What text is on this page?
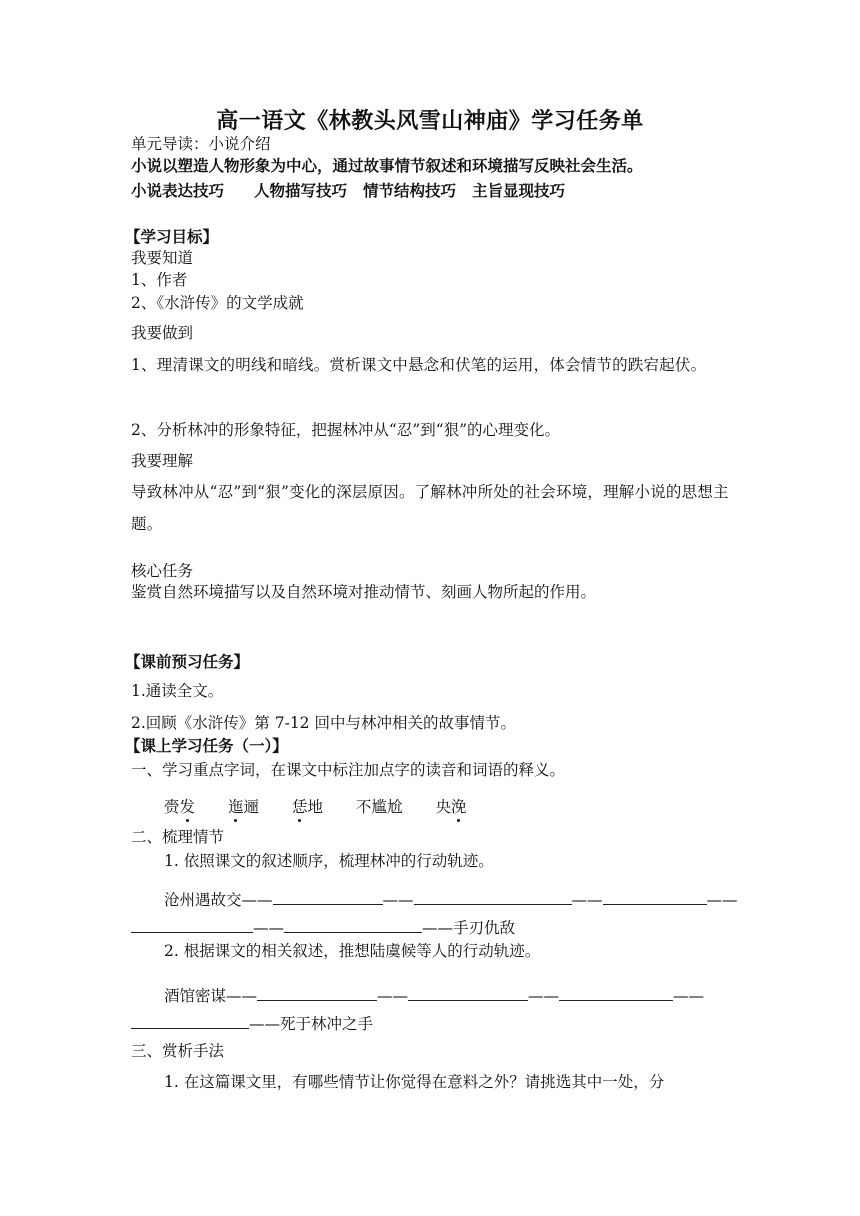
高一语文《林教头风雪山神庙》学习任务单
单元导读：小说介绍
小说以塑造人物形象为中心，通过故事情节叙述和环境描写反映社会生活。
小说表达技巧 人物描写技巧 情节结构技巧 主旨显现技巧
【学习目标】
我要知道
1、作者
2、《水浒传》的文学成就
我要做到
1、理清课文的明线和暗线。赏析课文中悬念和伏笔的运用，体会情节的跌宕起伏。
2、分析林冲的形象特征，把握林冲从“忍”到“狠”的心理变化。
我要理解
导致林冲从“忍”到“狠”变化的深层原因。了解林冲所处的社会环境，理解小说的思想主题。
核心任务
鉴赏自然环境描写以及自然环境对推动情节、刻画人物所起的作用。
【课前预习任务】
1.通读全文。
2.回顾《水浒传》第 7-12 回中与林冲相关的故事情节。
【课上学习任务（一）】
一、学习重点字词，在课文中标注加点字的读音和词语的释义。
赍发 迤逦 恁地 不尴尬 央浼
二、梳理情节
1. 依照课文的叙述顺序，梳理林冲的行动轨迹。
沧州遇故交——	——	——	——
——	——手刃仇敌
2. 根据课文的相关叙述，推想陆虞候等人的行动轨迹。
酒馆密谋——	——	——	——
——死于林冲之手
三、赏析手法
1. 在这篇课文里，有哪些情节让你觉得在意料之外？请挑选其中一处，分
